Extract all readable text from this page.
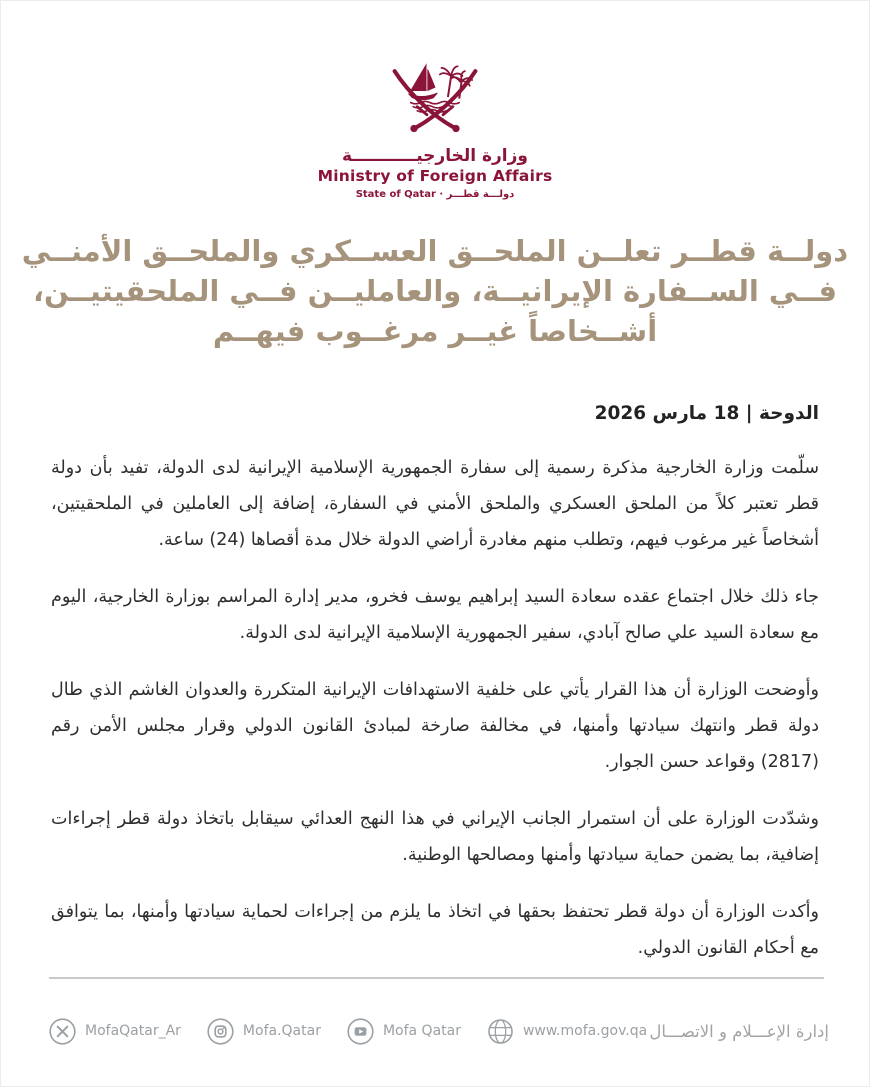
وزارة الخارجيـــــــــــة
Ministry of Foreign Affairs
State of Qatar · دولـــة قطـــر
دولــة قطــر تعلــن الملحــق العســكري والملحــق الأمنــي
فــي الســفارة الإيرانيــة، والعامليــن فــي الملحقيتيــن،
أشــخاصاً غيــر مرغــوب فيهــم
الدوحة | 18 مارس 2026

سلّمت وزارة الخارجية مذكرة رسمية إلى سفارة الجمهورية الإسلامية الإيرانية لدى الدولة، تفيد بأن دولة قطر تعتبر كلاً من الملحق العسكري والملحق الأمني في السفارة، إضافة إلى العاملين في الملحقيتين، أشخاصاً غير مرغوب فيهم، وتطلب منهم مغادرة أراضي الدولة خلال مدة أقصاها (24) ساعة.

جاء ذلك خلال اجتماع عقده سعادة السيد إبراهيم يوسف فخرو، مدير إدارة المراسم بوزارة الخارجية، اليوم مع سعادة السيد علي صالح آبادي، سفير الجمهورية الإسلامية الإيرانية لدى الدولة.

وأوضحت الوزارة أن هذا القرار يأتي على خلفية الاستهدافات الإيرانية المتكررة والعدوان الغاشم الذي طال دولة قطر وانتهك سيادتها وأمنها، في مخالفة صارخة لمبادئ القانون الدولي وقرار مجلس الأمن رقم (2817) وقواعد حسن الجوار.

وشدّدت الوزارة على أن استمرار الجانب الإيراني في هذا النهج العدائي سيقابل باتخاذ دولة قطر إجراءات إضافية، بما يضمن حماية سيادتها وأمنها ومصالحها الوطنية.

وأكدت الوزارة أن دولة قطر تحتفظ بحقها في اتخاذ ما يلزم من إجراءات لحماية سيادتها وأمنها، بما يتوافق مع أحكام القانون الدولي.

MofaQatar_Ar	Mofa.Qatar	Mofa Qatar	www.mofa.gov.qa إدارة الإعـــلام و الاتصـــال
